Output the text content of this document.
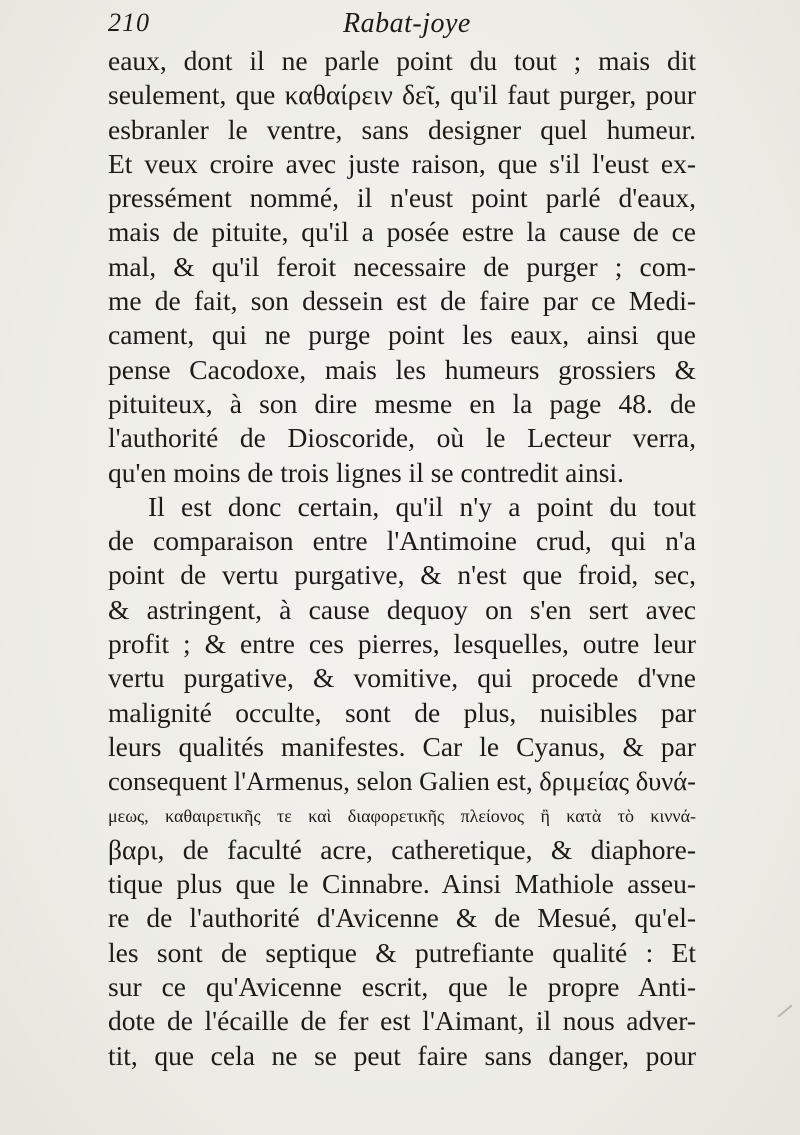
210	Rabat-joye
eaux, dont il ne parle point du tout ; mais dit
seulement, que καθαίρειν δεῖ, qu'il faut purger, pour
esbranler le ventre, sans designer quel humeur.
Et veux croire avec juste raison, que s'il l'eust ex-
pressément nommé, il n'eust point parlé d'eaux,
mais de pituite, qu'il a posée estre la cause de ce
mal, & qu'il feroit necessaire de purger ; com-
me de fait, son dessein est de faire par ce Medi-
cament, qui ne purge point les eaux, ainsi que
pense Cacodoxe, mais les humeurs grossiers &
pituiteux, à son dire mesme en la page 48. de
l'authorité de Dioscoride, où le Lecteur verra,
qu'en moins de trois lignes il se contredit ainsi.
Il est donc certain, qu'il n'y a point du tout
de comparaison entre l'Antimoine crud, qui n'a
point de vertu purgative, & n'est que froid, sec,
& astringent, à cause dequoy on s'en sert avec
profit ; & entre ces pierres, lesquelles, outre leur
vertu purgative, & vomitive, qui procede d'vne
malignité occulte, sont de plus, nuisibles par
leurs qualités manifestes. Car le Cyanus, & par
consequent l'Armenus, selon Galien est, δριμείας δυνά-
μεως, καθαιρετικῆς τε καὶ διαφορετικῆς πλείονος ἢ κατὰ τὸ κιννά-
βαρι, de faculté acre, catheretique, & diaphore-
tique plus que le Cinnabre. Ainsi Mathiole asseu-
re de l'authorité d'Avicenne & de Mesué, qu'el-
les sont de septique & putrefiante qualité : Et
sur ce qu'Avicenne escrit, que le propre Anti-
dote de l'écaille de fer est l'Aimant, il nous adver-
tit, que cela ne se peut faire sans danger, pour
